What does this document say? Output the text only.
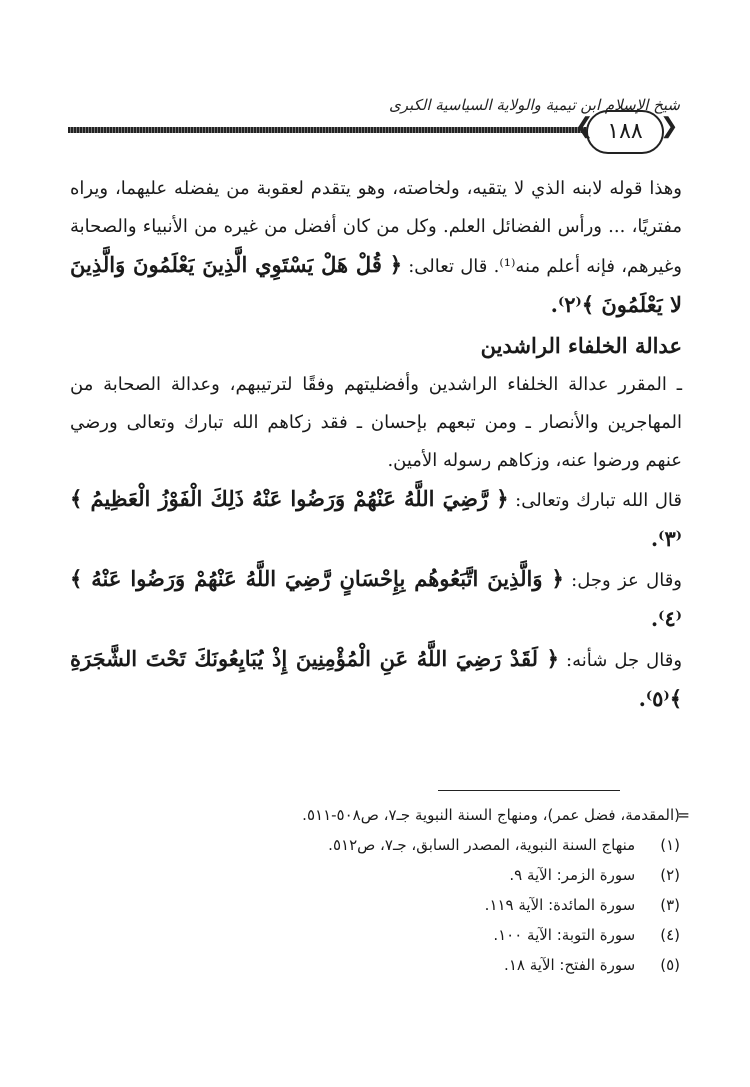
شيخ الإسلام ابن تيمية والولاية السياسية الكبرى
❮ ١٨٨ ❯

وهذا قوله لابنه الذي لا يتقيه، ولخاصته، وهو يتقدم لعقوبة من يفضله عليهما، ويراه مفتريًا، ... ورأس الفضائل العلم. وكل من كان أفضل من غيره من الأنبياء والصحابة وغيرهم، فإنه أعلم منه⁽¹⁾. قال تعالى: ﴿ قُلْ هَلْ يَسْتَوِي الَّذِينَ يَعْلَمُونَ وَالَّذِينَ لا يَعْلَمُونَ ﴾⁽٢⁾.

عدالة الخلفاء الراشدين

ـ المقرر عدالة الخلفاء الراشدين وأفضليتهم وفقًا لترتيبهم، وعدالة الصحابة من المهاجرين والأنصار ـ ومن تبعهم بإحسان ـ فقد زكاهم الله تبارك وتعالى ورضي عنهم ورضوا عنه، وزكاهم رسوله الأمين.

قال الله تبارك وتعالى: ﴿ رَّضِيَ اللَّهُ عَنْهُمْ وَرَضُوا عَنْهُ ذَلِكَ الْفَوْزُ الْعَظِيمُ ﴾⁽٣⁾.

وقال عز وجل: ﴿ وَالَّذِينَ اتَّبَعُوهُم بِإِحْسَانٍ رَّضِيَ اللَّهُ عَنْهُمْ وَرَضُوا عَنْهُ ﴾⁽٤⁾.

وقال جل شأنه: ﴿ لَقَدْ رَضِيَ اللَّهُ عَنِ الْمُؤْمِنِينَ إِذْ يُبَايِعُونَكَ تَحْتَ الشَّجَرَةِ ﴾⁽٥⁾.

=

(المقدمة، فضل عمر)، ومنهاج السنة النبوية جـ٧، ص٥٠٨-٥١١.

(١) منهاج السنة النبوية، المصدر السابق، جـ٧، ص٥١٢.

(٢) سورة الزمر: الآية ٩.

(٣) سورة المائدة: الآية ١١٩.

(٤) سورة التوبة: الآية ١٠٠.

(٥) سورة الفتح: الآية ١٨.
